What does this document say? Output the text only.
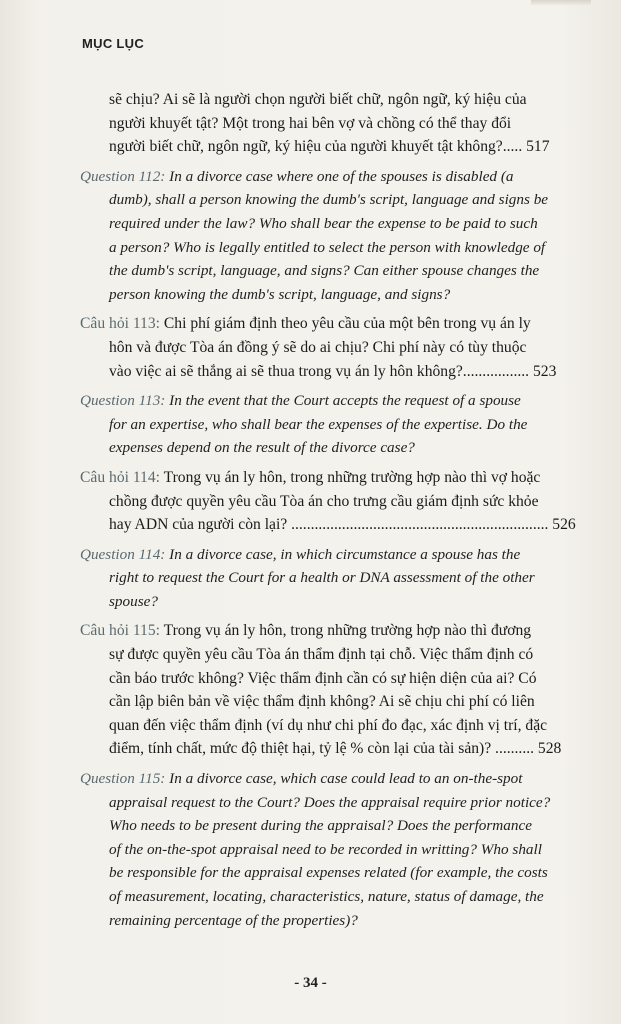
MỤC LỤC
sẽ chịu? Ai sẽ là người chọn người biết chữ, ngôn ngữ, ký hiệu của
người khuyết tật? Một trong hai bên vợ và chồng có thể thay đổi
người biết chữ, ngôn ngữ, ký hiệu của người khuyết tật không?..... 517
Question 112: In a divorce case where one of the spouses is disabled (a
dumb), shall a person knowing the dumb's script, language and signs be
required under the law? Who shall bear the expense to be paid to such
a person? Who is legally entitled to select the person with knowledge of
the dumb's script, language, and signs? Can either spouse changes the
person knowing the dumb's script, language, and signs?
Câu hỏi 113: Chi phí giám định theo yêu cầu của một bên trong vụ án ly
hôn và được Tòa án đồng ý sẽ do ai chịu? Chi phí này có tùy thuộc
vào việc ai sẽ thắng ai sẽ thua trong vụ án ly hôn không?................. 523
Question 113: In the event that the Court accepts the request of a spouse
for an expertise, who shall bear the expenses of the expertise. Do the
expenses depend on the result of the divorce case?
Câu hỏi 114: Trong vụ án ly hôn, trong những trường hợp nào thì vợ hoặc
chồng được quyền yêu cầu Tòa án cho trưng cầu giám định sức khỏe
hay ADN của người còn lại? .................................................................. 526
Question 114: In a divorce case, in which circumstance a spouse has the
right to request the Court for a health or DNA assessment of the other
spouse?
Câu hỏi 115: Trong vụ án ly hôn, trong những trường hợp nào thì đương
sự được quyền yêu cầu Tòa án thẩm định tại chỗ. Việc thẩm định có
cần báo trước không? Việc thẩm định cần có sự hiện diện của ai? Có
cần lập biên bản về việc thẩm định không? Ai sẽ chịu chi phí có liên
quan đến việc thẩm định (ví dụ như chi phí đo đạc, xác định vị trí, đặc
điểm, tính chất, mức độ thiệt hại, tỷ lệ % còn lại của tài sản)? .......... 528
Question 115: In a divorce case, which case could lead to an on-the-spot
appraisal request to the Court? Does the appraisal require prior notice?
Who needs to be present during the appraisal? Does the performance
of the on-the-spot appraisal need to be recorded in writting? Who shall
be responsible for the appraisal expenses related (for example, the costs
of measurement, locating, characteristics, nature, status of damage, the
remaining percentage of the properties)?
- 34 -
